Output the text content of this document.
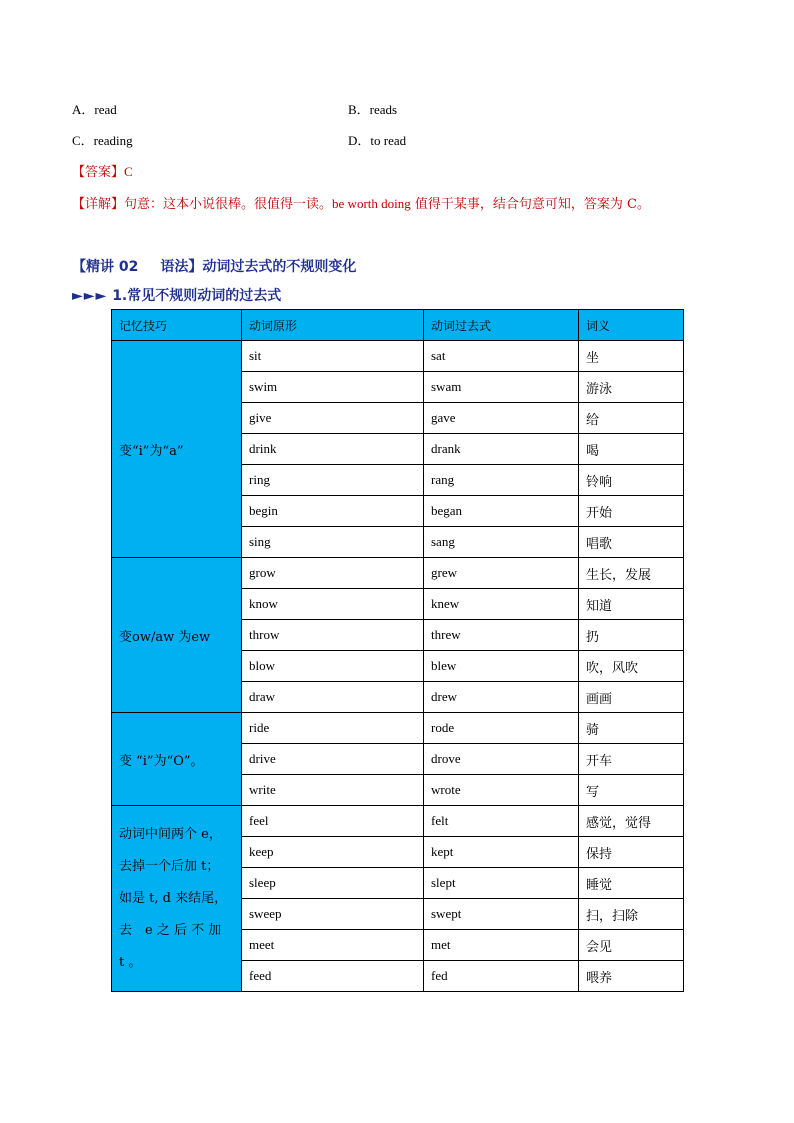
A．read	B．reads
C．reading	D．to read
【答案】C
【详解】句意：这本小说很棒。很值得一读。be worth doing 值得干某事，结合句意可知，答案为 C。
【精讲 02 语法】动词过去式的不规则变化
►►► 1.常见不规则动词的过去式
记忆技巧	动词原形	动词过去式	词义
变“i”为“a”	sit	sat	坐
	swim	swam	游泳
	give	gave	给
	drink	drank	喝
	ring	rang	铃响
	begin	began	开始
	sing	sang	唱歌
变ow/aw 为ew	grow	grew	生长，发展
	know	knew	知道
	throw	threw	扔
	blow	blew	吹，风吹
	draw	drew	画画
变 “i”为“O”。	ride	rode	骑
	drive	drove	开车
	write	wrote	写

动词中间两个 e，
去掉一个后加 t；
如是 t, d 来结尾，
去　e 之 后 不 加
t 。	feel	felt	感觉，觉得
	keep	kept	保持
	sleep	slept	睡觉
	sweep	swept	扫，扫除
	meet	met	会见
	feed	fed	喂养
